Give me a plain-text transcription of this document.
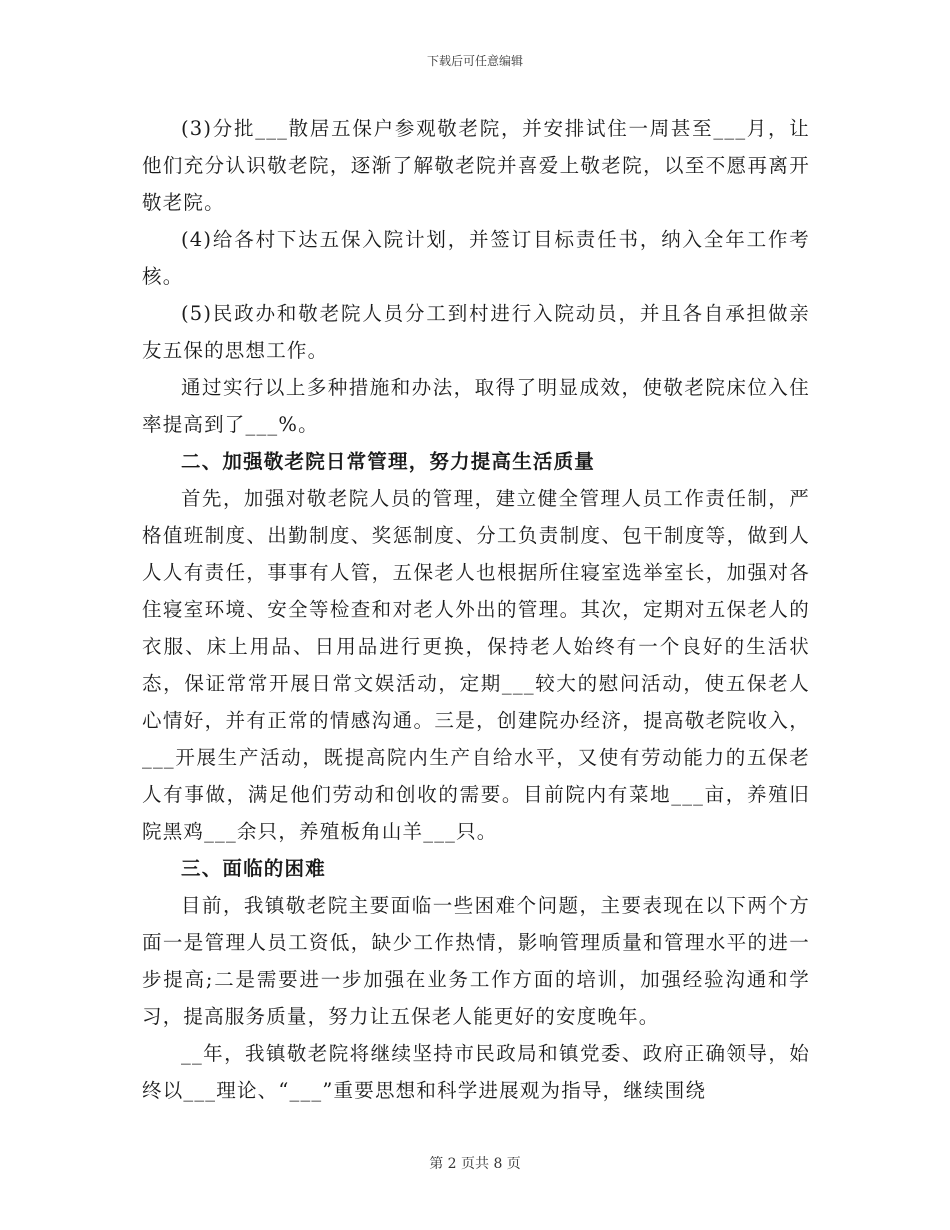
下载后可任意编辑

(3)分批___散居五保户参观敬老院，并安排试住一周甚至___月，让他们充分认识敬老院，逐渐了解敬老院并喜爱上敬老院，以至不愿再离开敬老院。

(4)给各村下达五保入院计划，并签订目标责任书，纳入全年工作考核。

(5)民政办和敬老院人员分工到村进行入院动员，并且各自承担做亲友五保的思想工作。

通过实行以上多种措施和办法，取得了明显成效，使敬老院床位入住率提高到了___%。

二、加强敬老院日常管理，努力提高生活质量

首先，加强对敬老院人员的管理，建立健全管理人员工作责任制，严格值班制度、出勤制度、奖惩制度、分工负责制度、包干制度等，做到人人人有责任，事事有人管，五保老人也根据所住寝室选举室长，加强对各住寝室环境、安全等检查和对老人外出的管理。其次，定期对五保老人的衣服、床上用品、日用品进行更换，保持老人始终有一个良好的生活状态，保证常常开展日常文娱活动，定期___较大的慰问活动，使五保老人心情好，并有正常的情感沟通。三是，创建院办经济，提高敬老院收入，___开展生产活动，既提高院内生产自给水平，又使有劳动能力的五保老人有事做，满足他们劳动和创收的需要。目前院内有菜地___亩，养殖旧院黑鸡___余只，养殖板角山羊___只。

三、面临的困难

目前，我镇敬老院主要面临一些困难个问题，主要表现在以下两个方面一是管理人员工资低，缺少工作热情，影响管理质量和管理水平的进一步提高;二是需要进一步加强在业务工作方面的培训，加强经验沟通和学习，提高服务质量，努力让五保老人能更好的安度晚年。

__年，我镇敬老院将继续坚持市民政局和镇党委、政府正确领导，始终以___理论、“___”重要思想和科学进展观为指导，继续围绕

第 2 页共 8 页
